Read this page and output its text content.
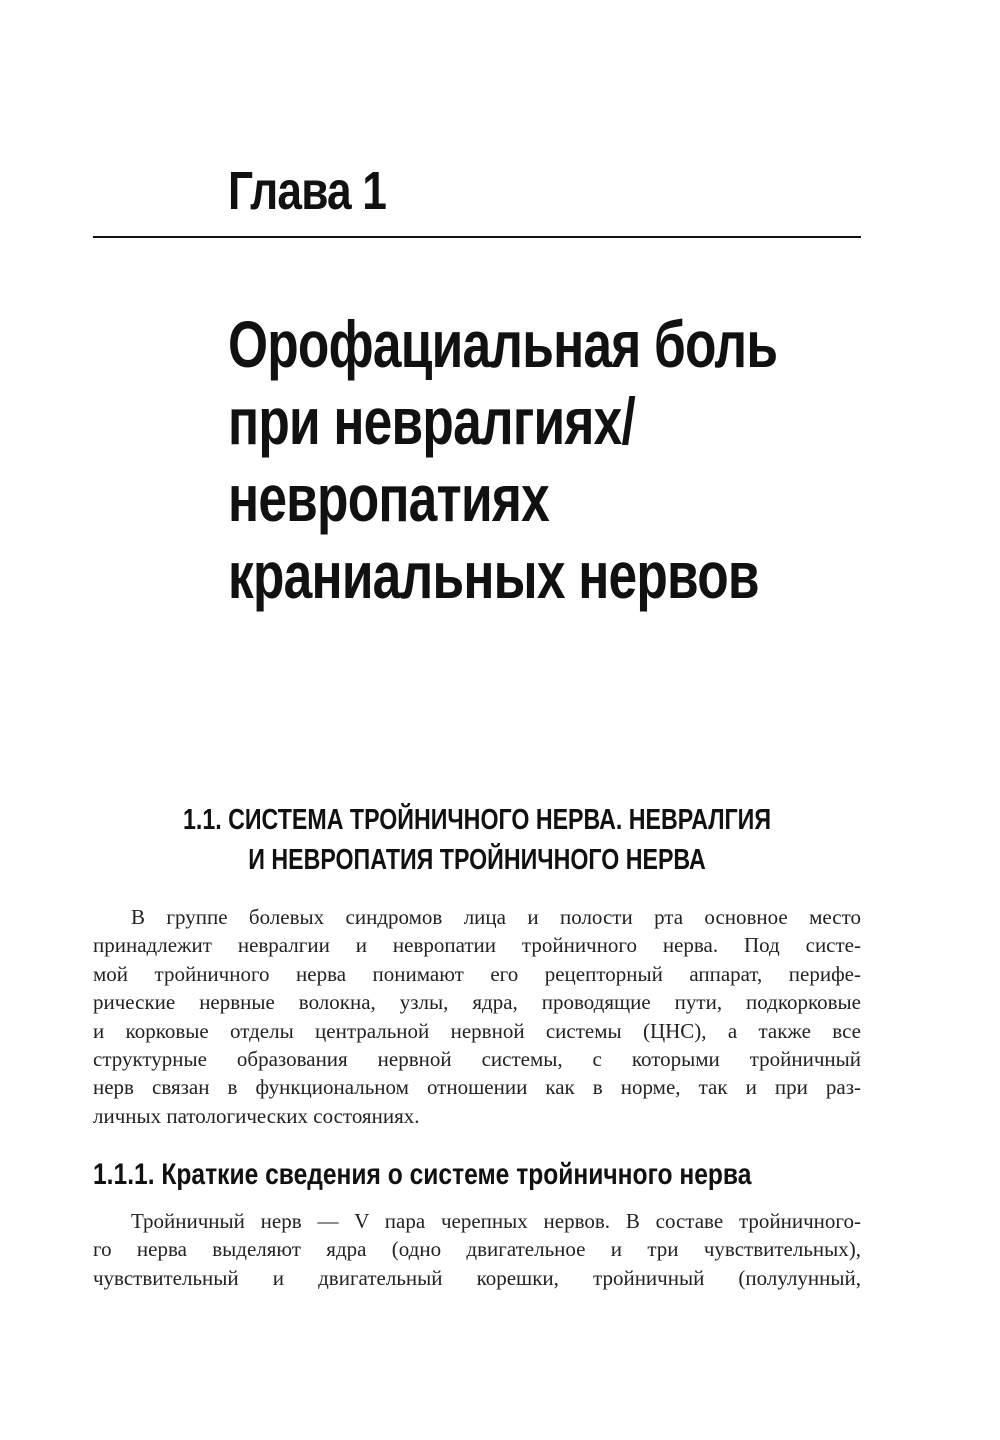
Глава 1
Орофациальная боль
при невралгиях/
невропатиях
краниальных нервов
1.1. СИСТЕМА ТРОЙНИЧНОГО НЕРВА. НЕВРАЛГИЯ
И НЕВРОПАТИЯ ТРОЙНИЧНОГО НЕРВА

В группе болевых синдромов лица и полости рта основное место
принадлежит невралгии и невропатии тройничного нерва. Под систе-
мой тройничного нерва понимают его рецепторный аппарат, перифе-
рические нервные волокна, узлы, ядра, проводящие пути, подкорковые
и корковые отделы центральной нервной системы (ЦНС), а также все
структурные образования нервной системы, с которыми тройничный
нерв связан в функциональном отношении как в норме, так и при раз-
личных патологических состояниях.

1.1.1. Краткие сведения о системе тройничного нерва

Тройничный нерв — V пара черепных нервов. В составе тройничного-
го нерва выделяют ядра (одно двигательное и три чувствительных),
чувствительный и двигательный корешки, тройничный (полулунный,
